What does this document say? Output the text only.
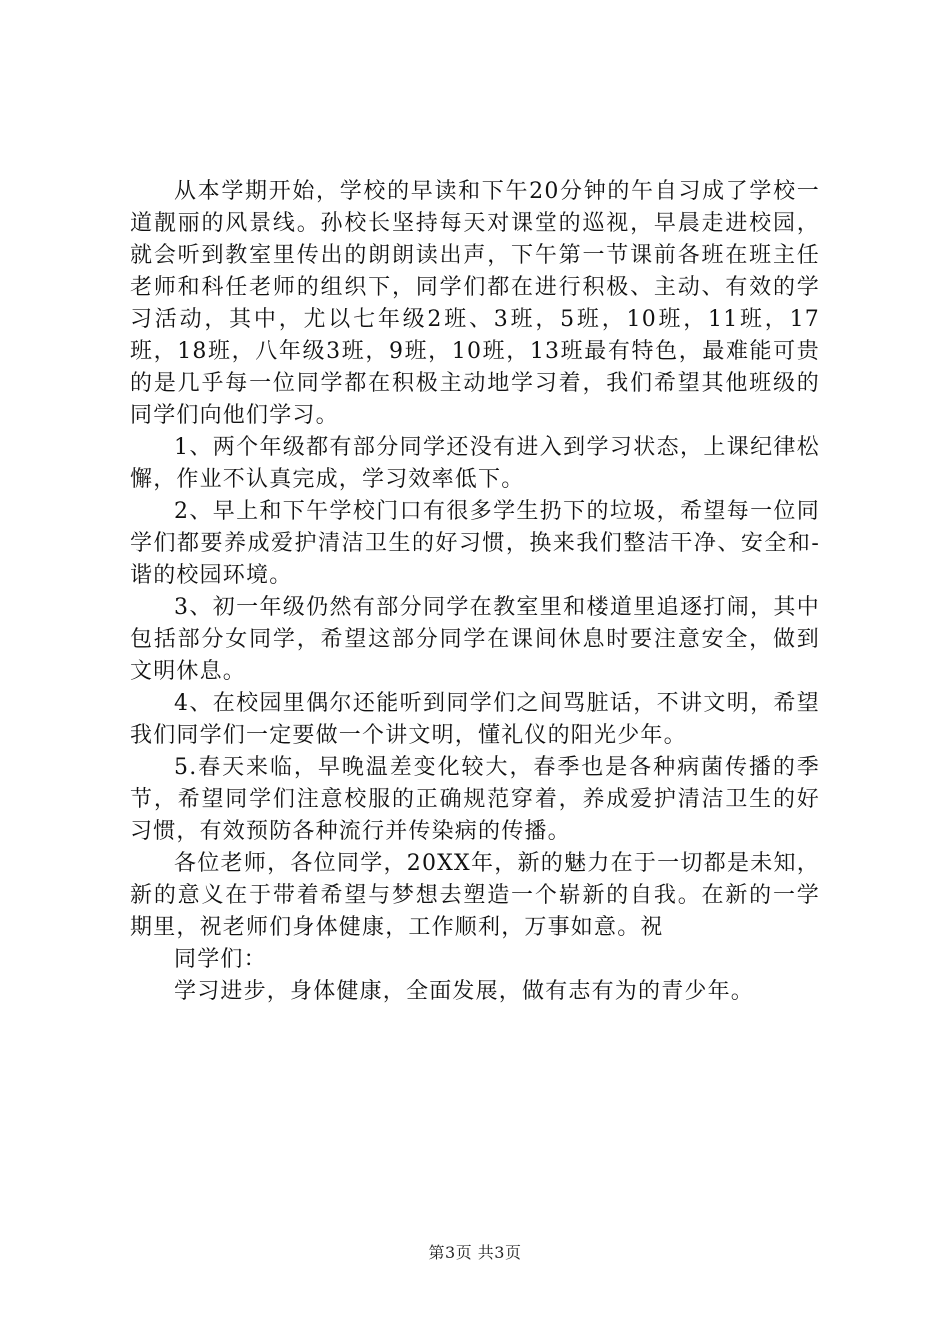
从本学期开始，学校的早读和下午20分钟的午自习成了学校一道靓丽的风景线。孙校长坚持每天对课堂的巡视，早晨走进校园，就会听到教室里传出的朗朗读出声，下午第一节课前各班在班主任老师和科任老师的组织下，同学们都在进行积极、主动、有效的学习活动，其中，尤以七年级2班、3班，5班，10班，11班，17班，18班，八年级3班，9班，10班，13班最有特色，最难能可贵的是几乎每一位同学都在积极主动地学习着，我们希望其他班级的同学们向他们学习。

1、两个年级都有部分同学还没有进入到学习状态，上课纪律松懈，作业不认真完成，学习效率低下。

2、早上和下午学校门口有很多学生扔下的垃圾，希望每一位同学们都要养成爱护清洁卫生的好习惯，换来我们整洁干净、安全和-谐的校园环境。

3、初一年级仍然有部分同学在教室里和楼道里追逐打闹，其中包括部分女同学，希望这部分同学在课间休息时要注意安全，做到文明休息。

4、在校园里偶尔还能听到同学们之间骂脏话，不讲文明，希望我们同学们一定要做一个讲文明，懂礼仪的阳光少年。

5.春天来临，早晚温差变化较大，春季也是各种病菌传播的季节，希望同学们注意校服的正确规范穿着，养成爱护清洁卫生的好习惯，有效预防各种流行并传染病的传播。

各位老师，各位同学，20XX年，新的魅力在于一切都是未知，新的意义在于带着希望与梦想去塑造一个崭新的自我。在新的一学期里，祝老师们身体健康，工作顺利，万事如意。祝

同学们：

学习进步，身体健康，全面发展，做有志有为的青少年。

第3页 共3页
